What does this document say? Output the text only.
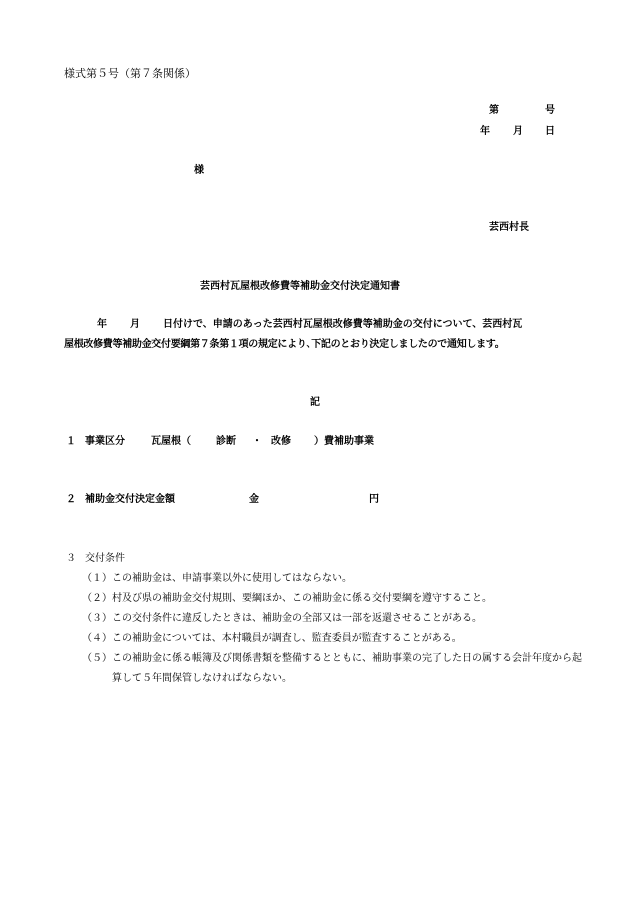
様式第５号（第７条関係）
第	号
年 月 日
様
芸西村長
芸西村瓦屋根改修費等補助金交付決定通知書
年 月 日付けで、申請のあった芸西村瓦屋根改修費等補助金の交付について、芸西村瓦
屋根改修費等補助金交付要綱第７条第１項の規定により､下記のとおり決定しましたので通知します。
記
１ 事業区分	瓦屋根（	診断 ・ 改修 ）費補助事業
２ 補助金交付決定金額	金	円
３ 交付条件
（１） この補助金は、申請事業以外に使用してはならない。
（２） 村及び県の補助金交付規則、要綱ほか、この補助金に係る交付要綱を遵守すること。
（３） この交付条件に違反したときは、補助金の全部又は一部を返還させることがある。
（４） この補助金については、本村職員が調査し、監査委員が監査することがある。
（５） この補助金に係る帳簿及び関係書類を整備するとともに、補助事業の完了した日の属する会計年度から起算して５年間保管しなければならない。
